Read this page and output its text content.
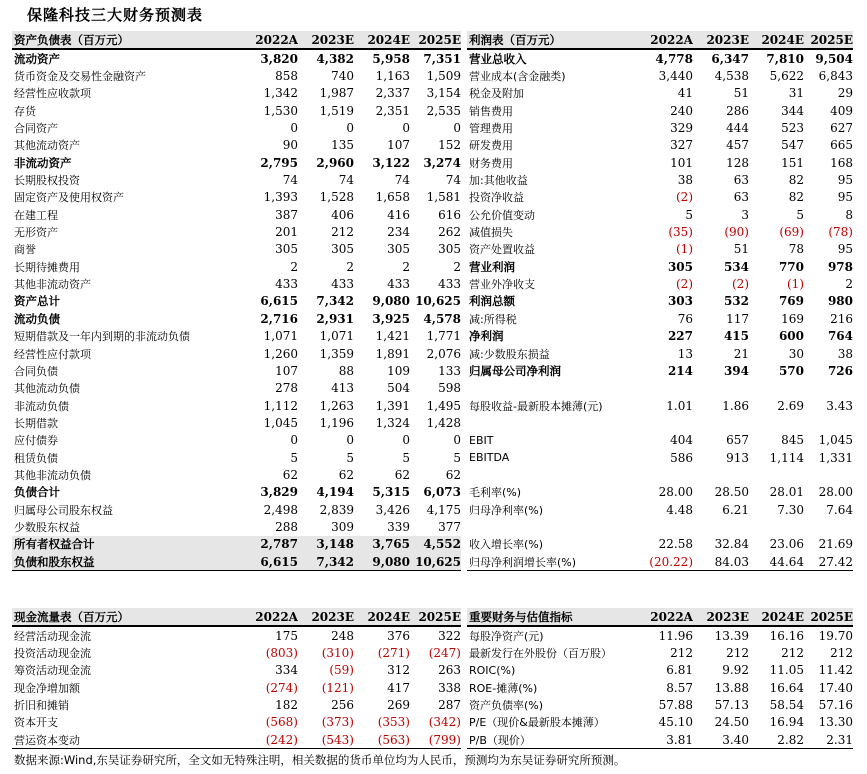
保隆科技三大财务预测表
资产负债表（百万元）	2022A	2023E	2024E	2025E
流动资产	3,820	4,382	5,958	7,351
货币资金及交易性金融资产	858	740	1,163	1,509
经营性应收款项	1,342	1,987	2,337	3,154
存货	1,530	1,519	2,351	2,535
合同资产	0	0	0	0
其他流动资产	90	135	107	152
非流动资产	2,795	2,960	3,122	3,274
长期股权投资	74	74	74	74
固定资产及使用权资产	1,393	1,528	1,658	1,581
在建工程	387	406	416	616
无形资产	201	212	234	262
商誉	305	305	305	305
长期待摊费用	2	2	2	2
其他非流动资产	433	433	433	433
资产总计	6,615	7,342	9,080	10,625
流动负债	2,716	2,931	3,925	4,578
短期借款及一年内到期的非流动负债	1,071	1,071	1,421	1,771
经营性应付款项	1,260	1,359	1,891	2,076
合同负债	107	88	109	133
其他流动负债	278	413	504	598
非流动负债	1,112	1,263	1,391	1,495
长期借款	1,045	1,196	1,324	1,428
应付债券	0	0	0	0
租赁负债	5	5	5	5
其他非流动负债	62	62	62	62
负债合计	3,829	4,194	5,315	6,073
归属母公司股东权益	2,498	2,839	3,426	4,175
少数股东权益	288	309	339	377
所有者权益合计	2,787	3,148	3,765	4,552
负债和股东权益	6,615	7,342	9,080	10,625
利润表（百万元）	2022A	2023E	2024E	2025E
营业总收入	4,778	6,347	7,810	9,504
营业成本(含金融类)	3,440	4,538	5,622	6,843
税金及附加	41	51	31	29
销售费用	240	286	344	409
管理费用	329	444	523	627
研发费用	327	457	547	665
财务费用	101	128	151	168
加:其他收益	38	63	82	95
投资净收益	(2)	63	82	95
公允价值变动	5	3	5	8
减值损失	(35)	(90)	(69)	(78)
资产处置收益	(1)	51	78	95
营业利润	305	534	770	978
营业外净收支	(2)	(2)	(1)	2
利润总额	303	532	769	980
减:所得税	76	117	169	216
净利润	227	415	600	764
减:少数股东损益	13	21	30	38
归属母公司净利润	214	394	570	726

每股收益-最新股本摊薄(元)	1.01	1.86	2.69	3.43

EBIT	404	657	845	1,045
EBITDA	586	913	1,114	1,331

毛利率(%)	28.00	28.50	28.01	28.00
归母净利率(%)	4.48	6.21	7.30	7.64

收入增长率(%)	22.58	32.84	23.06	21.69
归母净利润增长率(%)	(20.22)	84.03	44.64	27.42
现金流量表（百万元）	2022A	2023E	2024E	2025E
经营活动现金流	175	248	376	322
投资活动现金流	(803)	(310)	(271)	(247)
筹资活动现金流	334	(59)	312	263
现金净增加额	(274)	(121)	417	338
折旧和摊销	182	256	269	287
资本开支	(568)	(373)	(353)	(342)
营运资本变动	(242)	(543)	(563)	(799)
重要财务与估值指标	2022A	2023E	2024E	2025E
每股净资产(元)	11.96	13.39	16.16	19.70
最新发行在外股份（百万股）	212	212	212	212
ROIC(%)	6.81	9.92	11.05	11.42
ROE-摊薄(%)	8.57	13.88	16.64	17.40
资产负债率(%)	57.88	57.13	58.54	57.16
P/E（现价&最新股本摊薄）	45.10	24.50	16.94	13.30
P/B（现价）	3.81	3.40	2.82	2.31
数据来源:Wind,东吴证券研究所，全文如无特殊注明，相关数据的货币单位均为人民币，预测均为东吴证券研究所预测。
